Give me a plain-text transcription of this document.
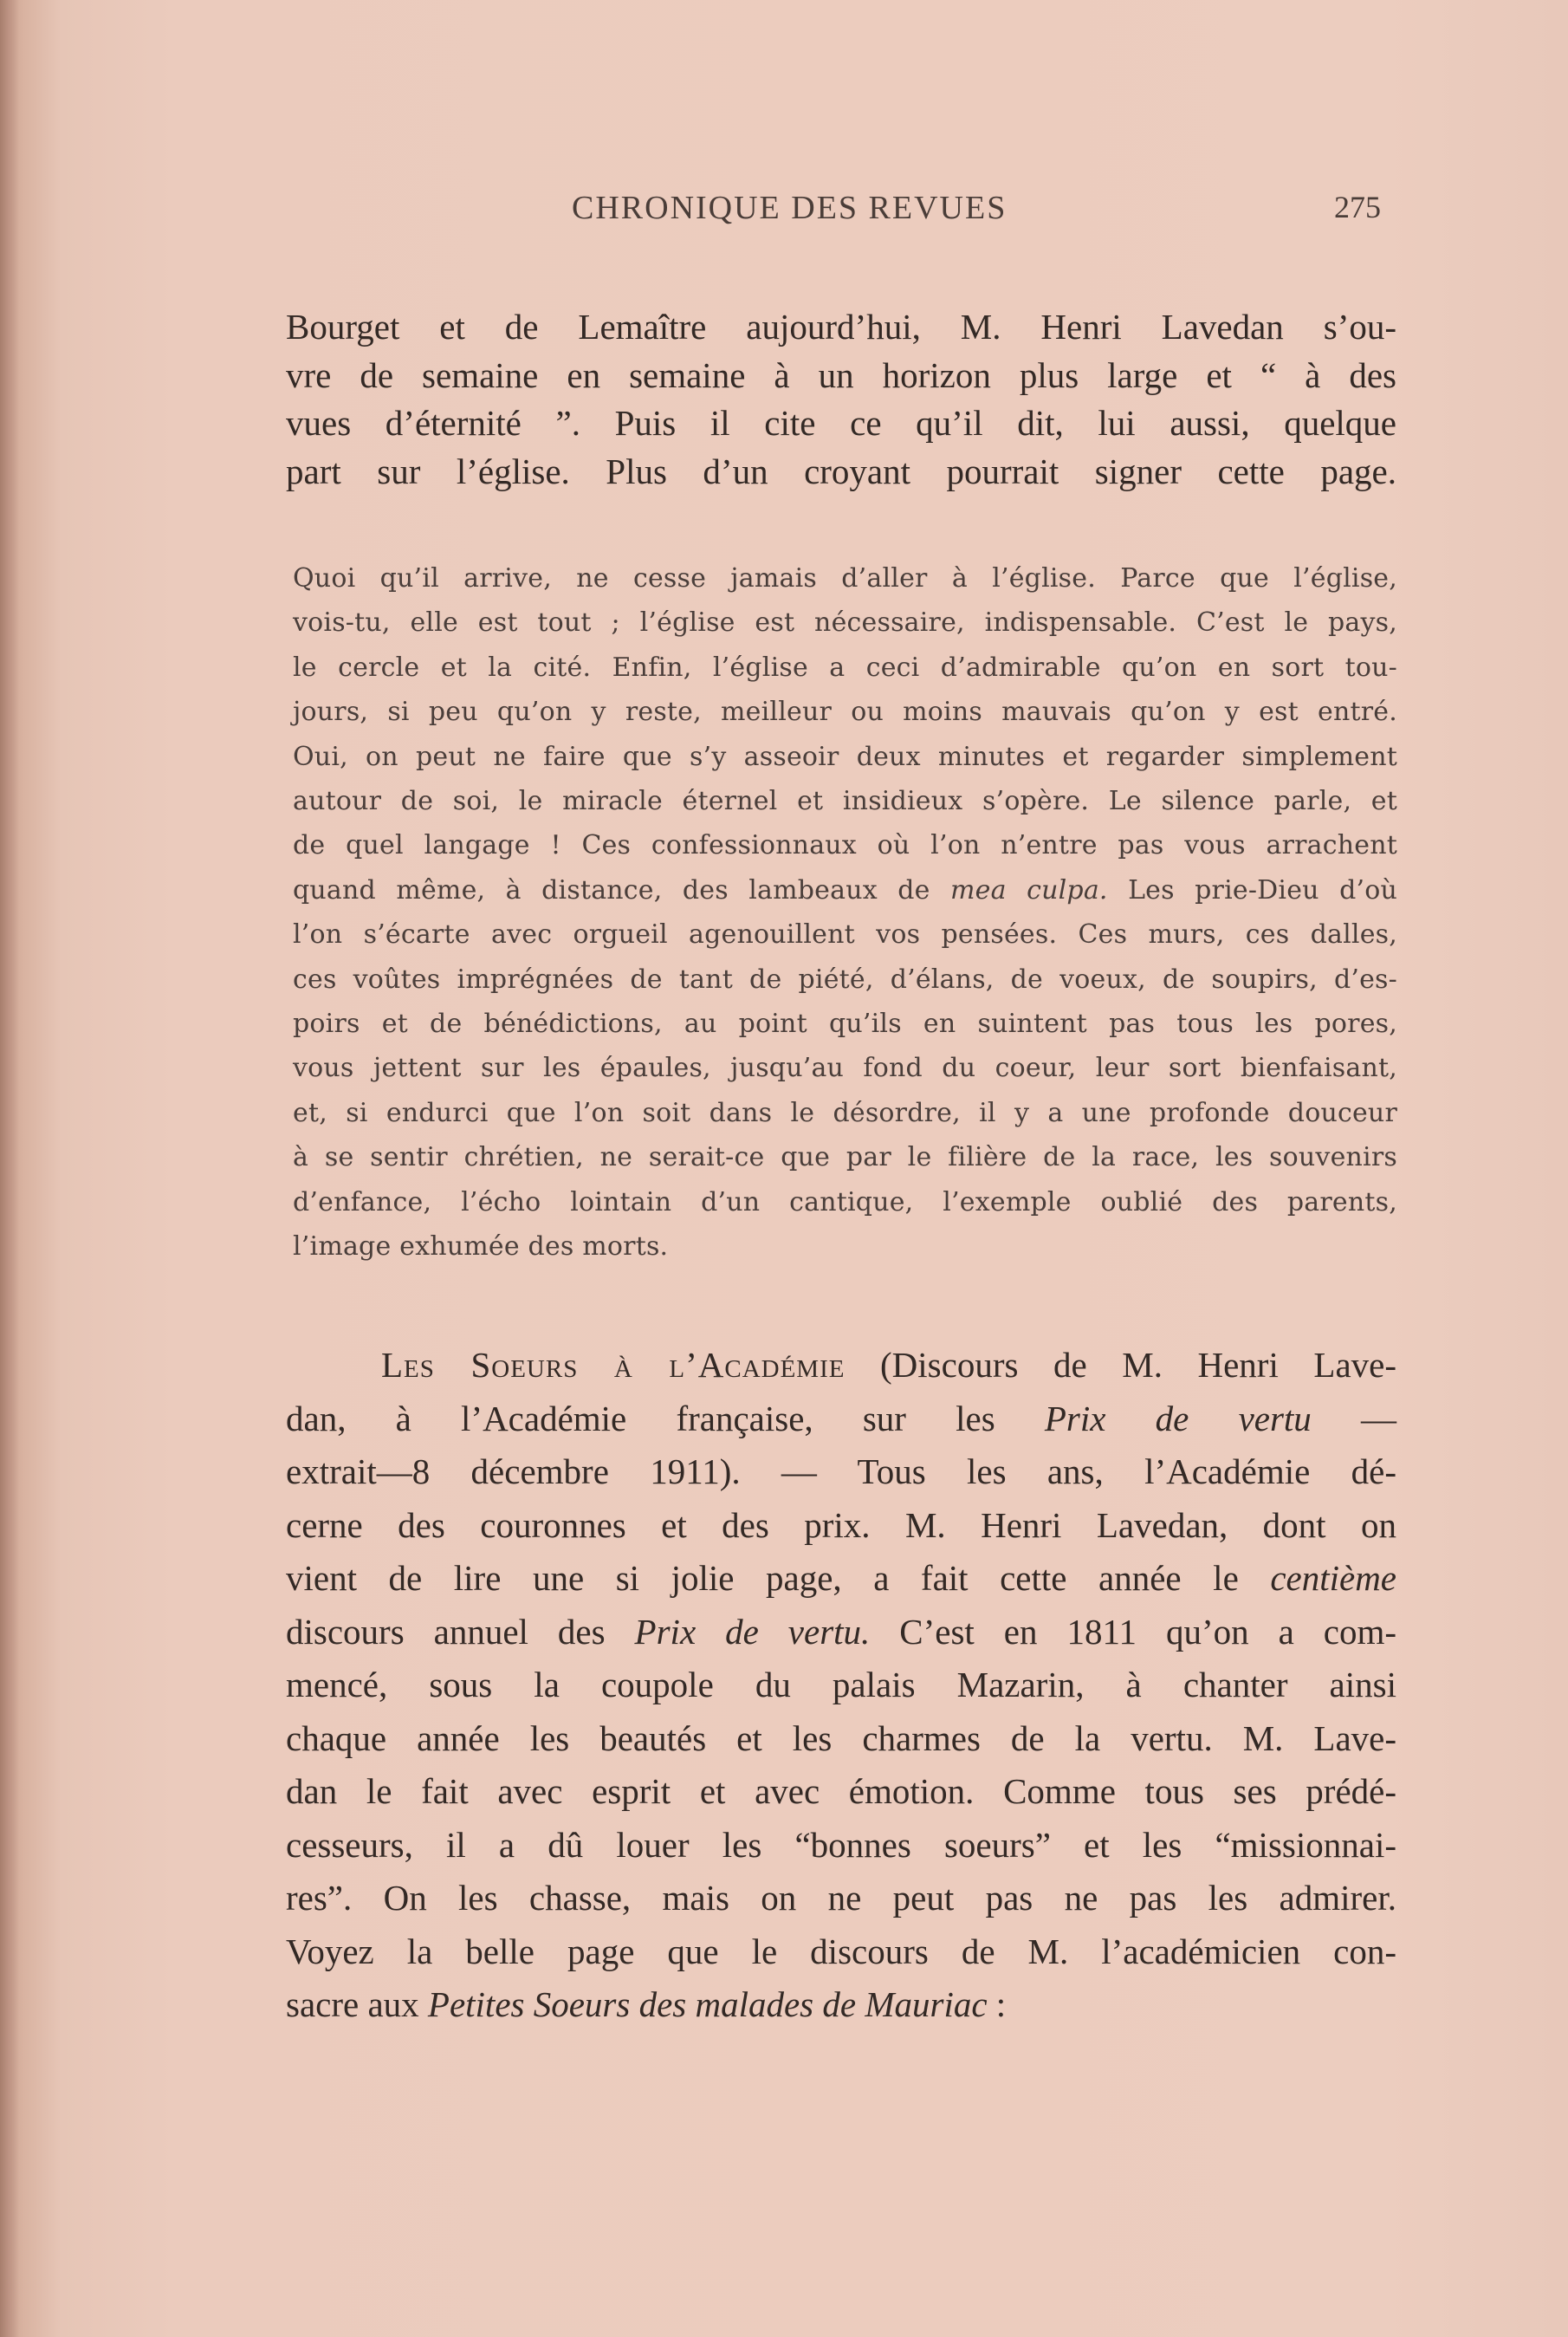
CHRONIQUE DES REVUES	275

Bourget et de Lemaître aujourd’hui, M. Henri Lavedan s’ou-
vre de semaine en semaine à un horizon plus large et “ à des
vues d’éternité ”. Puis il cite ce qu’il dit, lui aussi, quelque
part sur l’église. Plus d’un croyant pourrait signer cette page.

Quoi qu’il arrive, ne cesse jamais d’aller à l’église. Parce que l’église,
vois-tu, elle est tout ; l’église est nécessaire, indispensable. C’est le pays,
le cercle et la cité. Enfin, l’église a ceci d’admirable qu’on en sort tou-
jours, si peu qu’on y reste, meilleur ou moins mauvais qu’on y est entré.
Oui, on peut ne faire que s’y asseoir deux minutes et regarder simplement
autour de soi, le miracle éternel et insidieux s’opère. Le silence parle, et
de quel langage ! Ces confessionnaux où l’on n’entre pas vous arrachent
quand même, à distance, des lambeaux de mea culpa. Les prie-Dieu d’où
l’on s’écarte avec orgueil agenouillent vos pensées. Ces murs, ces dalles,
ces voûtes imprégnées de tant de piété, d’élans, de voeux, de soupirs, d’es-
poirs et de bénédictions, au point qu’ils en suintent pas tous les pores,
vous jettent sur les épaules, jusqu’au fond du coeur, leur sort bienfaisant,
et, si endurci que l’on soit dans le désordre, il y a une profonde douceur
à se sentir chrétien, ne serait-ce que par le filière de la race, les souvenirs
d’enfance, l’écho lointain d’un cantique, l’exemple oublié des parents,
l’image exhumée des morts.

Les Soeurs à l’Académie (Discours de M. Henri Lave-
dan, à l’Académie française, sur les Prix de vertu —
extrait—8 décembre 1911). — Tous les ans, l’Académie dé-
cerne des couronnes et des prix. M. Henri Lavedan, dont on
vient de lire une si jolie page, a fait cette année le centième
discours annuel des Prix de vertu. C’est en 1811 qu’on a com-
mencé, sous la coupole du palais Mazarin, à chanter ainsi
chaque année les beautés et les charmes de la vertu. M. Lave-
dan le fait avec esprit et avec émotion. Comme tous ses prédé-
cesseurs, il a dû louer les “bonnes soeurs” et les “missionnai-
res”. On les chasse, mais on ne peut pas ne pas les admirer.
Voyez la belle page que le discours de M. l’académicien con-
sacre aux Petites Soeurs des malades de Mauriac :
